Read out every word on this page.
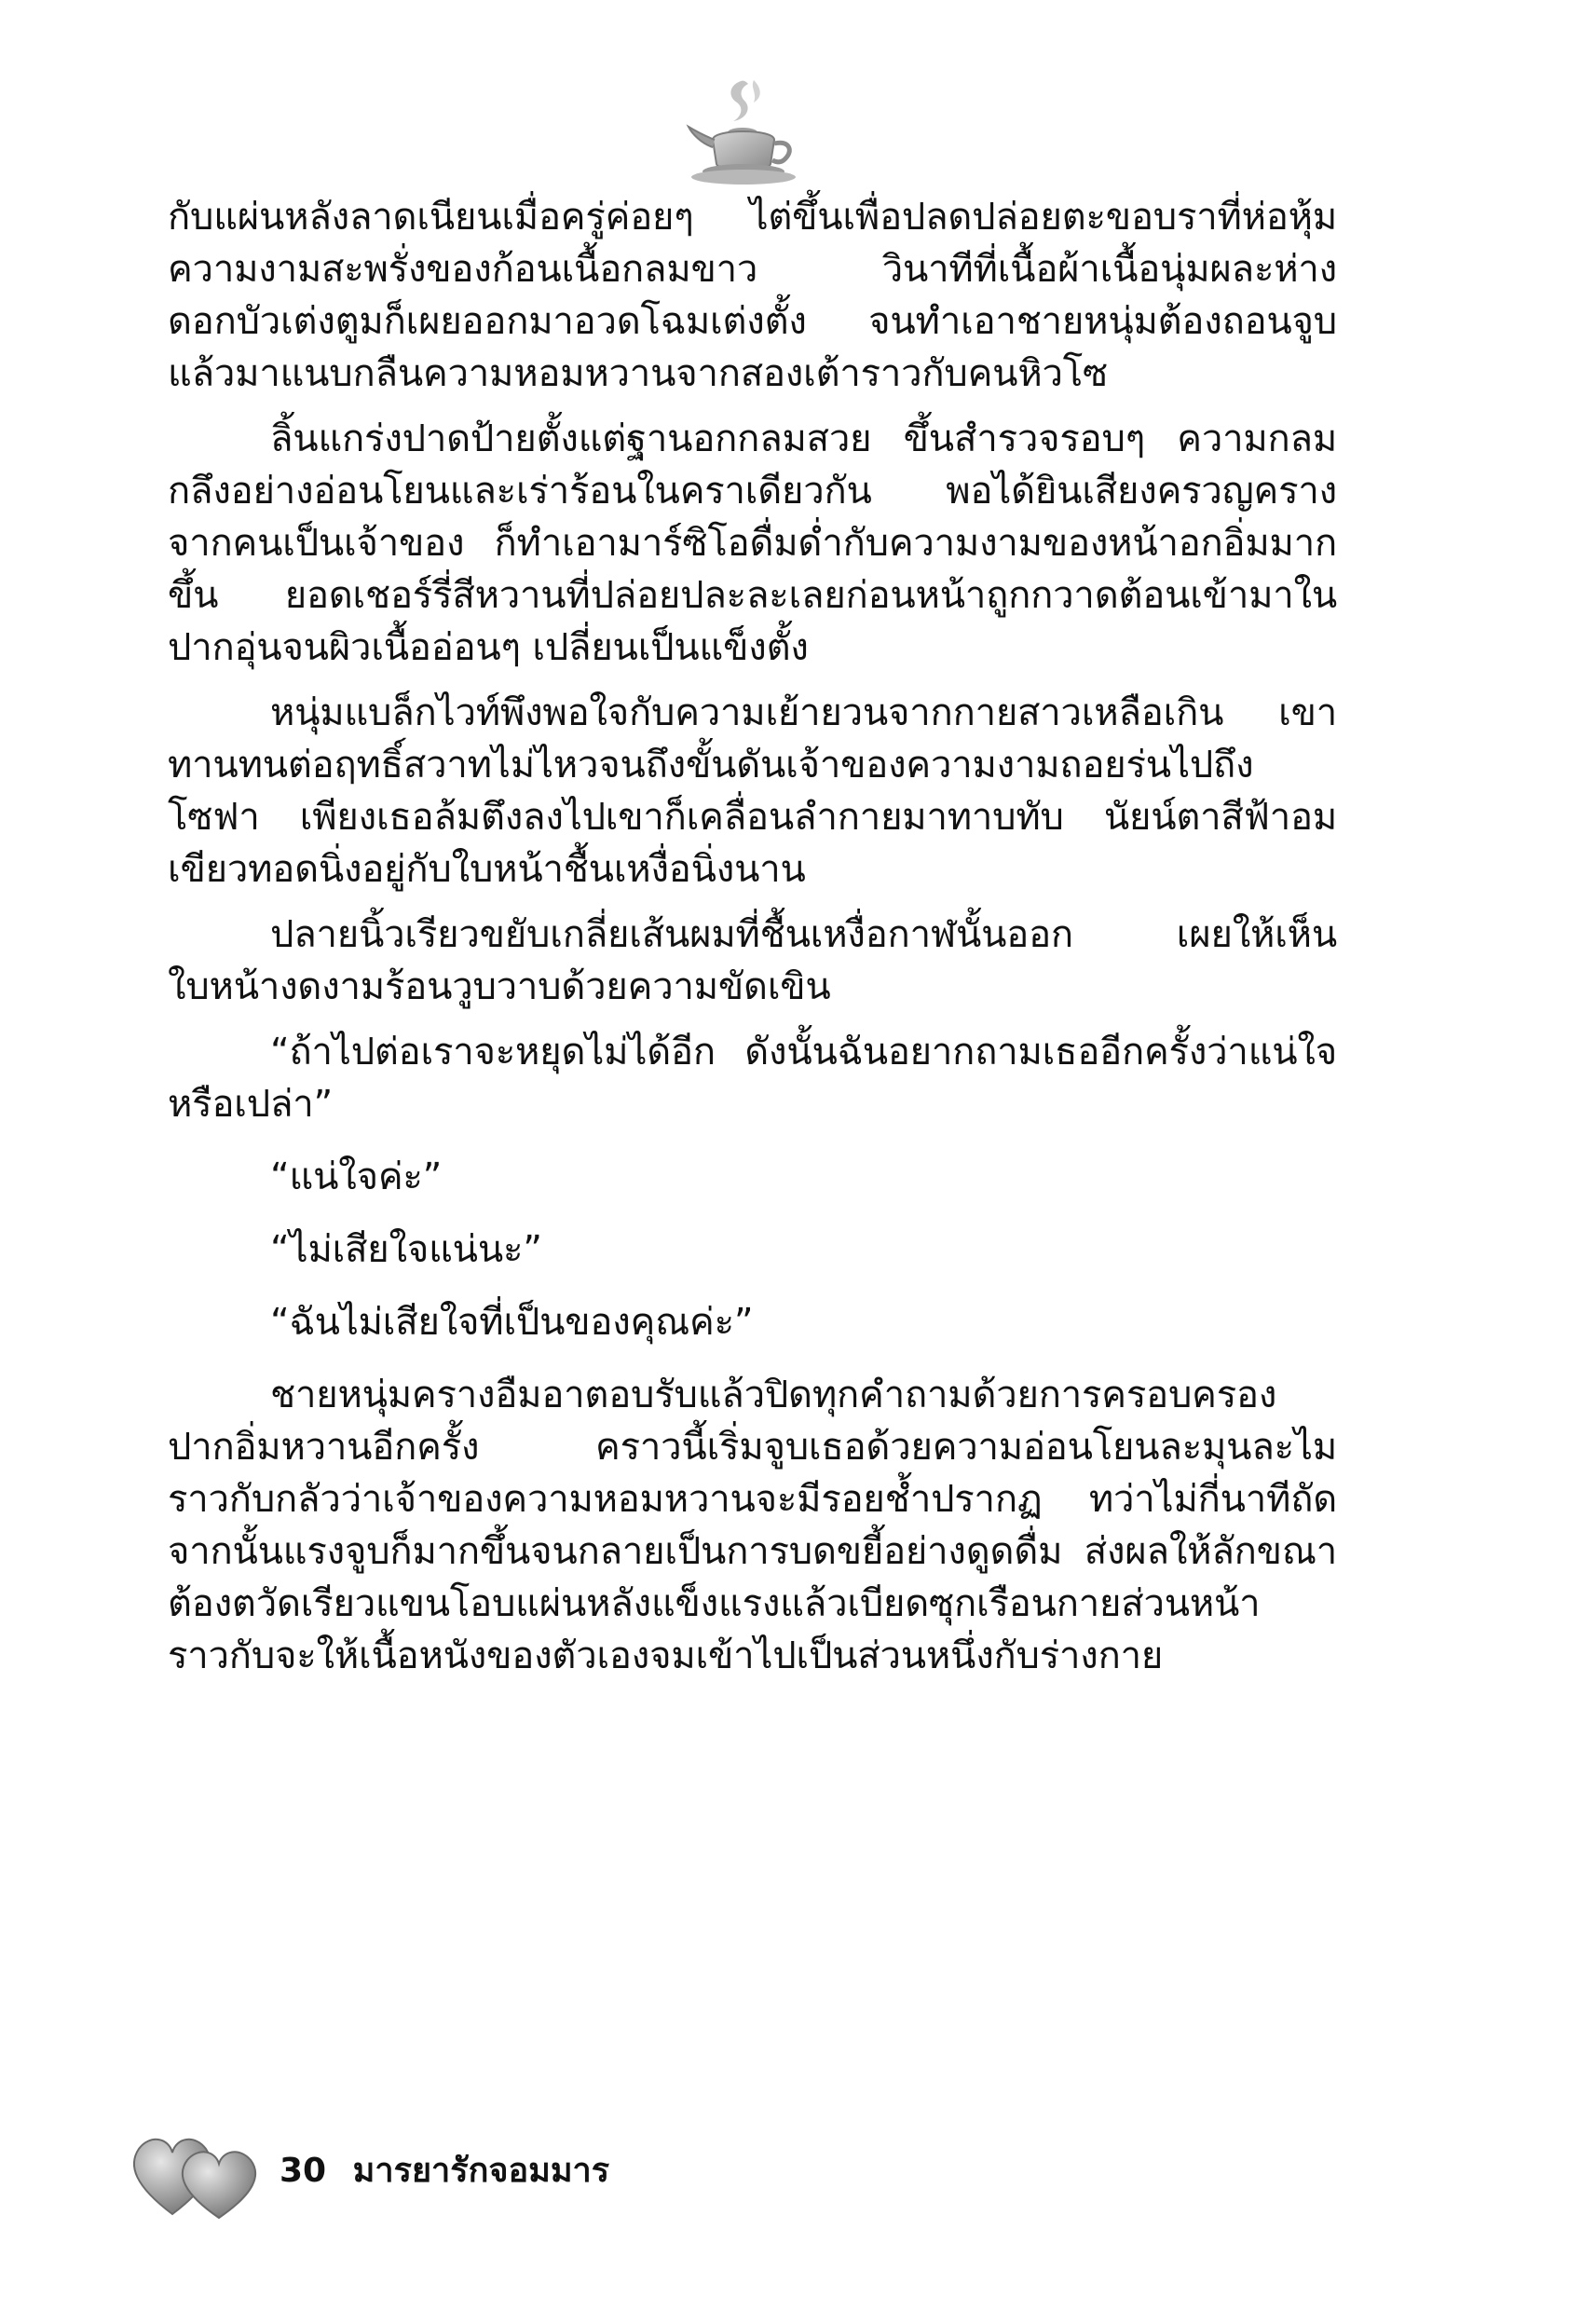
กับแผ่นหลังลาดเนียนเมื่อครู่ค่อยๆ ไต่ขึ้นเพื่อปลดปล่อยตะขอบราที่ห่อหุ้มความงามสะพรั่งของก้อนเนื้อกลมขาว วินาทีที่เนื้อผ้าเนื้อนุ่มผละห่าง ดอกบัวเต่งตูมก็เผยออกมาอวดโฉมเต่งตั้ง จนทำเอาชายหนุ่มต้องถอนจูบแล้วมาแนบกลืนความหอมหวานจากสองเต้าราวกับคนหิวโซ

ลิ้นแกร่งปาดป้ายตั้งแต่ฐานอกกลมสวย ขึ้นสำรวจรอบๆ ความกลมกลึงอย่างอ่อนโยนและเร่าร้อนในคราเดียวกัน พอได้ยินเสียงครวญครางจากคนเป็นเจ้าของ ก็ทำเอามาร์ซิโอดื่มด่ำกับความงามของหน้าอกอิ่มมากขึ้น ยอดเชอร์รี่สีหวานที่ปล่อยปละละเลยก่อนหน้าถูกกวาดต้อนเข้ามาในปากอุ่นจนผิวเนื้ออ่อนๆ เปลี่ยนเป็นแข็งตั้ง

หนุ่มแบล็กไวท์พึงพอใจกับความเย้ายวนจากกายสาวเหลือเกิน เขาทานทนต่อฤทธิ์สวาทไม่ไหวจนถึงขั้นดันเจ้าของความงามถอยร่นไปถึงโซฟา เพียงเธอล้มตึงลงไปเขาก็เคลื่อนลำกายมาทาบทับ นัยน์ตาสีฟ้าอมเขียวทอดนิ่งอยู่กับใบหน้าชื้นเหงื่อนิ่งนาน

ปลายนิ้วเรียวขยับเกลี่ยเส้นผมที่ชื้นเหงื่อกาฬนั้นออก เผยให้เห็นใบหน้างดงามร้อนวูบวาบด้วยความขัดเขิน

“ถ้าไปต่อเราจะหยุดไม่ได้อีก ดังนั้นฉันอยากถามเธออีกครั้งว่าแน่ใจหรือเปล่า”

“แน่ใจค่ะ”

“ไม่เสียใจแน่นะ”

“ฉันไม่เสียใจที่เป็นของคุณค่ะ”

ชายหนุ่มครางอืมอาตอบรับแล้วปิดทุกคำถามด้วยการครอบครองปากอิ่มหวานอีกครั้ง คราวนี้เริ่มจูบเธอด้วยความอ่อนโยนละมุนละไม ราวกับกลัวว่าเจ้าของความหอมหวานจะมีรอยช้ำปรากฏ ทว่าไม่กี่นาทีถัดจากนั้นแรงจูบก็มากขึ้นจนกลายเป็นการบดขยี้อย่างดูดดื่ม ส่งผลให้ลักขณาต้องตวัดเรียวแขนโอบแผ่นหลังแข็งแรงแล้วเบียดซุกเรือนกายส่วนหน้าราวกับจะให้เนื้อหนังของตัวเองจมเข้าไปเป็นส่วนหนึ่งกับร่างกาย

30 มารยารักจอมมาร
